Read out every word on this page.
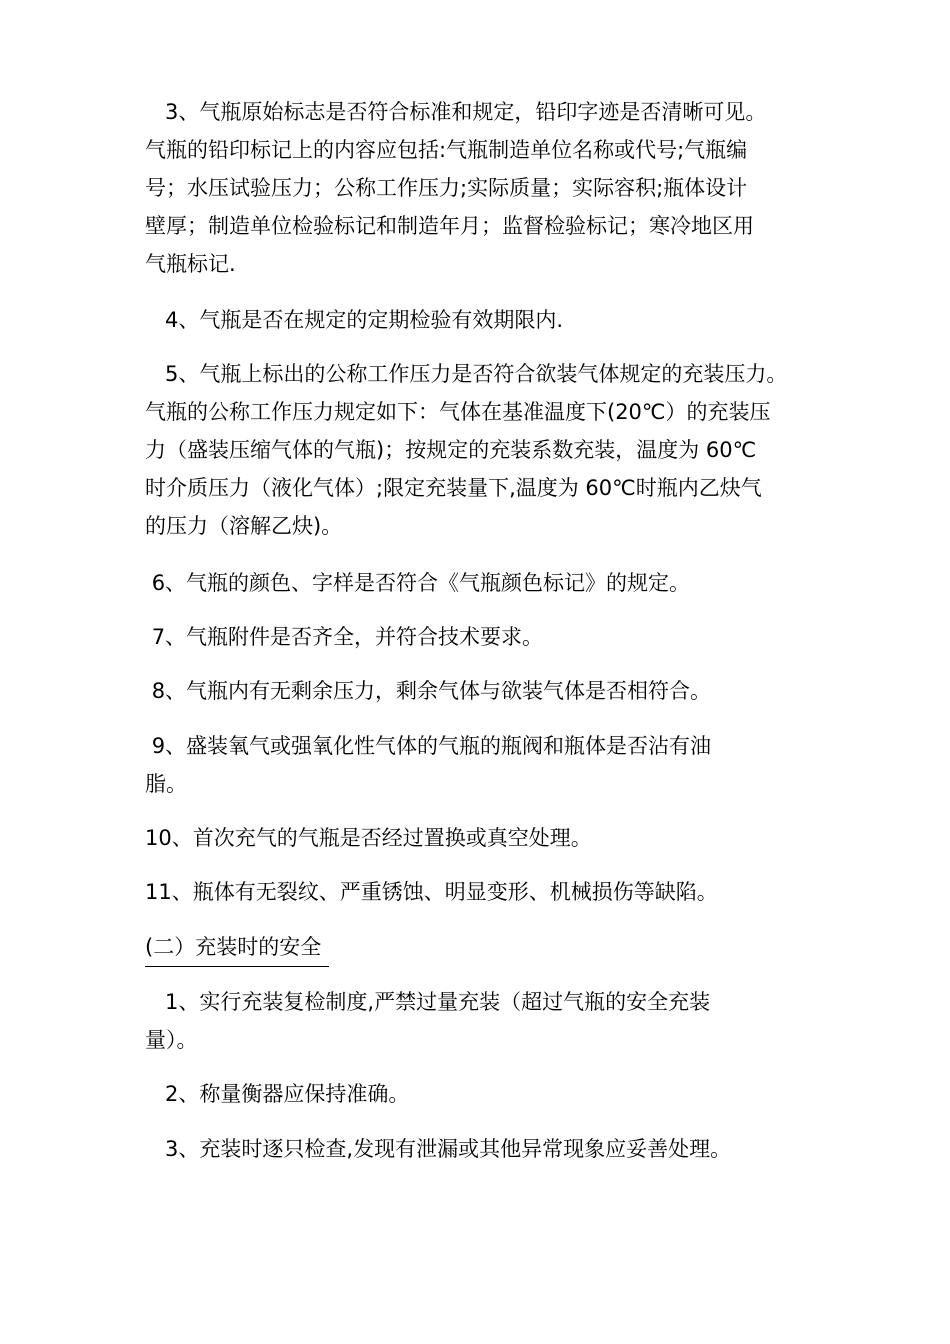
3、气瓶原始标志是否符合标准和规定，铅印字迹是否清晰可见。
气瓶的铅印标记上的内容应包括:气瓶制造单位名称或代号;气瓶编
号；水压试验压力；公称工作压力;实际质量；实际容积;瓶体设计
壁厚；制造单位检验标记和制造年月；监督检验标记；寒冷地区用
气瓶标记.

4、气瓶是否在规定的定期检验有效期限内.

5、气瓶上标出的公称工作压力是否符合欲装气体规定的充装压力。
气瓶的公称工作压力规定如下：气体在基准温度下(20℃）的充装压
力（盛装压缩气体的气瓶)；按规定的充装系数充装，温度为 60℃
时介质压力（液化气体）;限定充装量下,温度为 60℃时瓶内乙炔气
的压力（溶解乙炔)。

6、气瓶的颜色、字样是否符合《气瓶颜色标记》的规定。

7、气瓶附件是否齐全，并符合技术要求。

8、气瓶内有无剩余压力，剩余气体与欲装气体是否相符合。

9、盛装氧气或强氧化性气体的气瓶的瓶阀和瓶体是否沾有油
脂。

10、首次充气的气瓶是否经过置换或真空处理。

11、瓶体有无裂纹、严重锈蚀、明显变形、机械损伤等缺陷。

(二）充装时的安全

1、实行充装复检制度,严禁过量充装（超过气瓶的安全充装
量）。

2、称量衡器应保持准确。

3、充装时逐只检查,发现有泄漏或其他异常现象应妥善处理。
